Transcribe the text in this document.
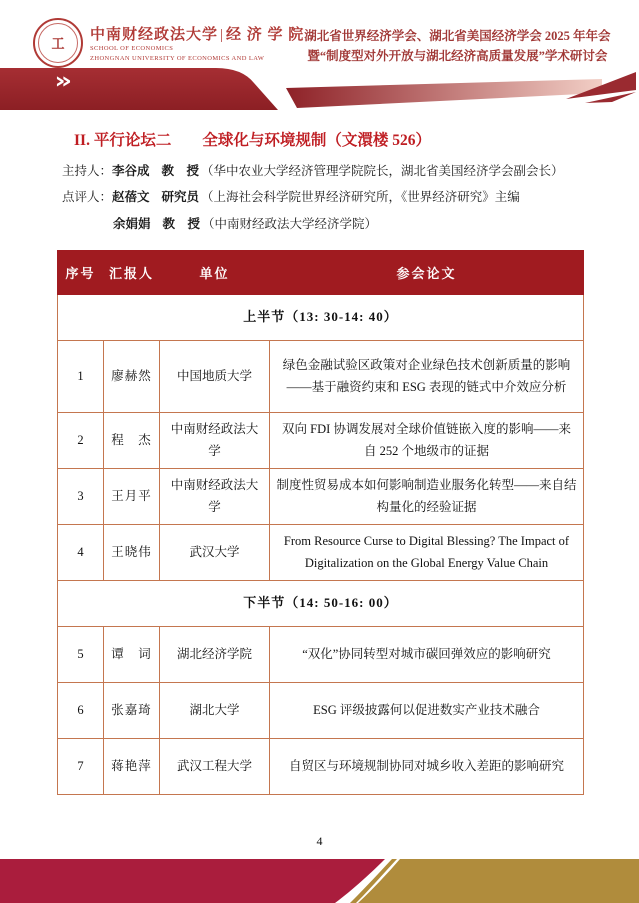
工
中南财经政法大学 | 经 济 学 院
SCHOOL OF ECONOMICS
ZHONGNAN UNIVERSITY OF ECONOMICS AND LAW
湖北省世界经济学会、湖北省美国经济学会 2025 年年会
暨“制度型对外开放与湖北经济高质量发展”学术研讨会
»
II. 平行论坛二　　全球化与环境规制（文澴楼 526）
主持人：李谷成 教　授 （华中农业大学经济管理学院院长，湖北省美国经济学会副会长）
点评人：赵蓓文 研究员 （上海社会科学院世界经济研究所，《世界经济研究》主编
余娟娟 教　授 （中南财经政法大学经济学院）
序号	汇报人	单位	参会论文
上半节（13: 30-14: 40）			
1	廖赫然	中国地质大学	绿色金融试验区政策对企业绿色技术创新质量的影响——基于融资约束和 ESG 表现的链式中介效应分析
2	程　杰	中南财经政法大学	双向 FDI 协调发展对全球价值链嵌入度的影响——来自 252 个地级市的证据
3	王月平	中南财经政法大学	制度性贸易成本如何影响制造业服务化转型——来自结构量化的经验证据
4	王晓伟	武汉大学	From Resource Curse to Digital Blessing? The Impact of Digitalization on the Global Energy Value Chain
下半节（14: 50-16: 00）			
5	谭　词	湖北经济学院	“双化”协同转型对城市碳回弹效应的影响研究
6	张嘉琦	湖北大学	ESG 评级披露何以促进数实产业技术融合
7	蒋艳萍	武汉工程大学	自贸区与环境规制协同对城乡收入差距的影响研究
4
